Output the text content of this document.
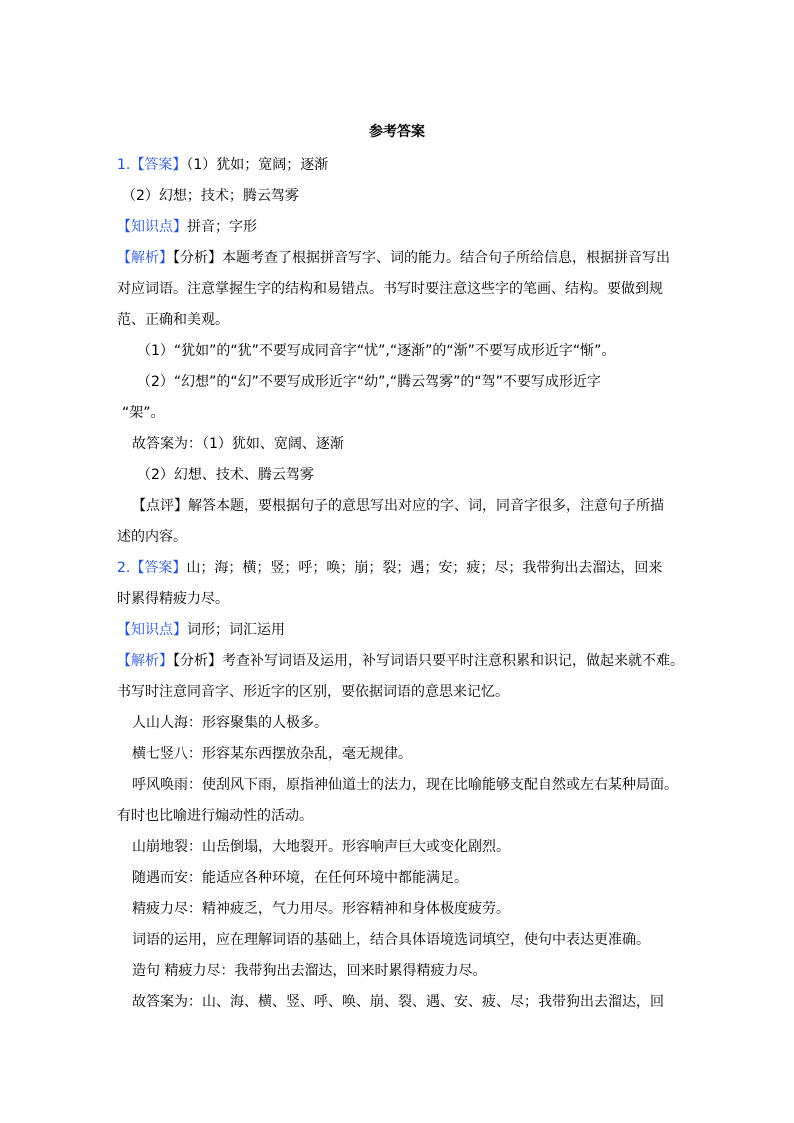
参考答案
1.【答案】（1）犹如；宽阔；逐渐
（2）幻想；技术；腾云驾雾
【知识点】拼音；字形
【解析】【分析】本题考查了根据拼音写字、词的能力。结合句子所给信息，根据拼音写出
对应词语。注意掌握生字的结构和易错点。书写时要注意这些字的笔画、结构。要做到规
范、正确和美观。
（1）“犹如”的“犹”不要写成同音字“忧”,“逐渐”的“渐”不要写成形近字“惭”。
（2）“幻想”的“幻”不要写成形近字“幼”,“腾云驾雾”的“驾”不要写成形近字
“架”。
故答案为：（1）犹如、宽阔、逐渐
（2）幻想、技术、腾云驾雾
【点评】解答本题，要根据句子的意思写出对应的字、词，同音字很多，注意句子所描
述的内容。
2.【答案】山；海；横；竖；呼；唤；崩；裂；遇；安；疲；尽；我带狗出去溜达，回来
时累得精疲力尽。
【知识点】词形；词汇运用
【解析】【分析】考查补写词语及运用，补写词语只要平时注意积累和识记，做起来就不难。
书写时注意同音字、形近字的区别，要依据词语的意思来记忆。
人山人海：形容聚集的人极多。
横七竖八：形容某东西摆放杂乱，毫无规律。
呼风唤雨：使刮风下雨，原指神仙道士的法力，现在比喻能够支配自然或左右某种局面。
有时也比喻进行煽动性的活动。
山崩地裂：山岳倒塌，大地裂开。形容响声巨大或变化剧烈。
随遇而安：能适应各种环境，在任何环境中都能满足。
精疲力尽：精神疲乏，气力用尽。形容精神和身体极度疲劳。
词语的运用，应在理解词语的基础上，结合具体语境选词填空，使句中表达更准确。
造句 精疲力尽：我带狗出去溜达，回来时累得精疲力尽。
故答案为：山、海、横、竖、呼、唤、崩、裂、遇、安、疲、尽；我带狗出去溜达，回
